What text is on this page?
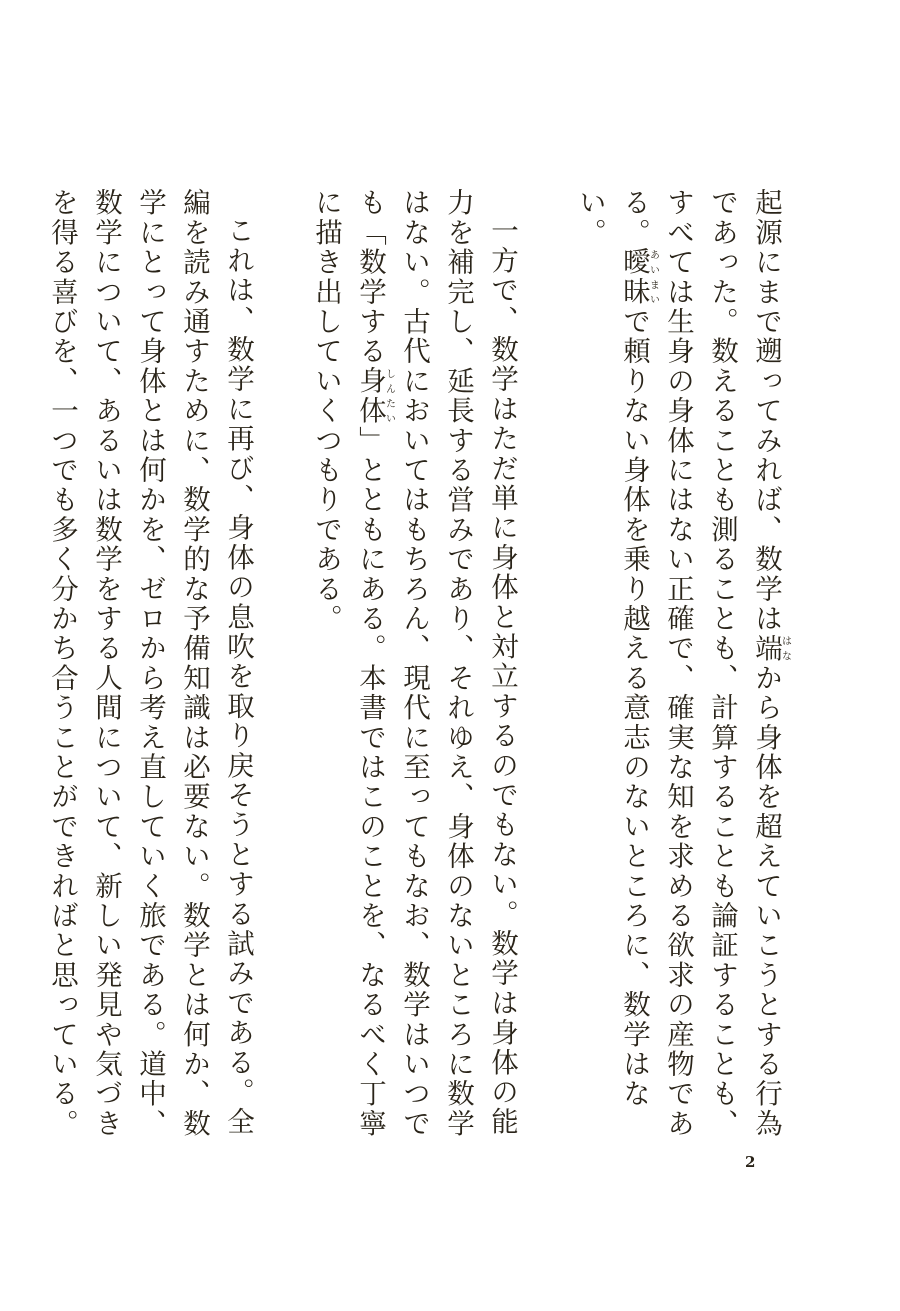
起源にまで遡ってみれば、数学は端はなから身体を超えていこうとする行為であった。数えることも測ることも、計算することも論証することも、すべては生身の身体にはない正確で、確実な知を求める欲求の産物である。曖昧あいまいで頼りない身体を乗り越える意志のないところに、数学はない。

一方で、数学はただ単に身体と対立するのでもない。数学は身体の能力を補完し、延長する営みであり、それゆえ、身体のないところに数学はない。古代においてはもちろん、現代に至ってもなお、数学はいつでも「数学する身体しんたい」とともにある。本書ではこのことを、なるべく丁寧に描き出していくつもりである。

これは、数学に再び、身体の息吹を取り戻そうとする試みである。全編を読み通すために、数学的な予備知識は必要ない。数学とは何か、数学にとって身体とは何かを、ゼロから考え直していく旅である。道中、数学について、あるいは数学をする人間について、新しい発見や気づきを得る喜びを、一つでも多く分かち合うことができればと思っている。

2
